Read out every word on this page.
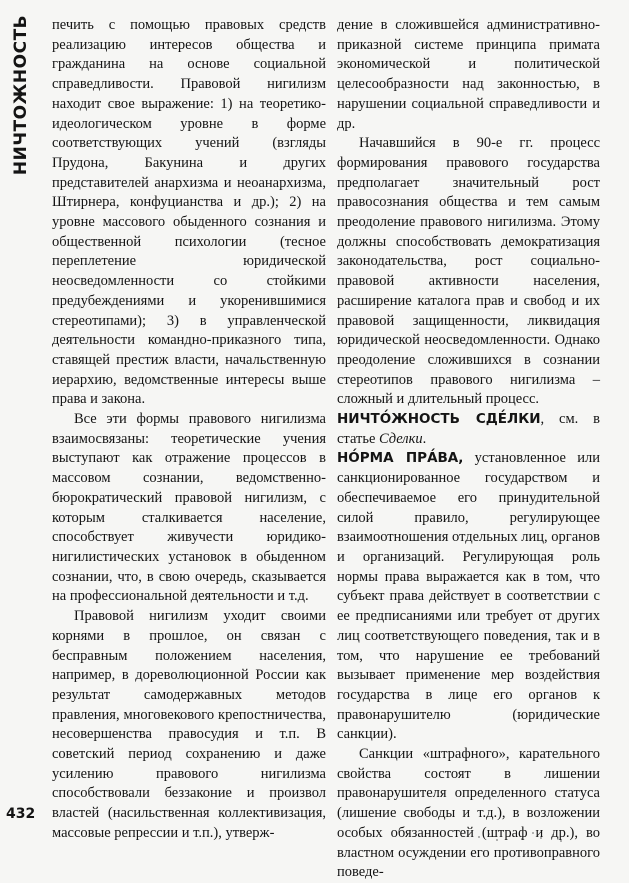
НИЧТОЖНОСТЬ
432

печить с помощью правовых средств реализацию интересов общества и гражданина на основе социальной справедливости. Правовой нигилизм находит свое выражение: 1) на теоретико-идеологическом уровне в форме соответствующих учений (взгляды Прудона, Бакунина и других представителей анархизма и неоанархизма, Штирнера, конфуцианства и др.); 2) на уровне массового обыденного сознания и общественной психологии (тесное переплетение юридической неосведомленности со стойкими предубеждениями и укоренившимися стереотипами); 3) в управленческой деятельности командно-приказного типа, ставящей престиж власти, начальственную иерархию, ведомственные интересы выше права и закона.

Все эти формы правового нигилизма взаимосвязаны: теоретические учения выступают как отражение процессов в массовом сознании, ведомственно-бюрократический правовой нигилизм, с которым сталкивается население, способствует живучести юридико-нигилистических установок в обыденном сознании, что, в свою очередь, сказывается на профессиональной деятельности и т.д.

Правовой нигилизм уходит своими корнями в прошлое, он связан с бесправным положением населения, например, в дореволюционной России как результат самодержавных методов правления, многовекового крепостничества, несовершенства правосудия и т.п. В советский период сохранению и даже усилению правового нигилизма способствовали беззаконие и произвол властей (насильственная коллективизация, массовые репрессии и т.п.), утверж-

дение в сложившейся административно-приказной системе принципа примата экономической и политической целесообразности над законностью, в нарушении социальной справедливости и др.

Начавшийся в 90-е гг. процесс формирования правового государства предполагает значительный рост правосознания общества и тем самым преодоление правового нигилизма. Этому должны способствовать демократизация законодательства, рост социально-правовой активности населения, расширение каталога прав и свобод и их правовой защищенности, ликвидация юридической неосведомленности. Однако преодоление сложившихся в сознании стереотипов правового нигилизма – сложный и длительный процесс.

НИЧТО́ЖНОСТЬ СДЕ́ЛКИ, см. в статье Сделки.

НО́РМА ПРА́ВА, установленное или санкционированное государством и обеспечиваемое его принудительной силой правило, регулирующее взаимоотношения отдельных лиц, органов и организаций. Регулирующая роль нормы права выражается как в том, что субъект права действует в соответствии с ее предписаниями или требует от других лиц соответствующего поведения, так и в том, что нарушение ее требований вызывает применение мер воздействия государства в лице его органов к правонарушителю (юридические санкции).

Санкции «штрафного», карательного свойства состоят в лишении правонарушителя определенного статуса (лишение свободы и т.д.), в возложении особых обязанностей (штраф и др.), во властном осуждении его противоправного поведе-
